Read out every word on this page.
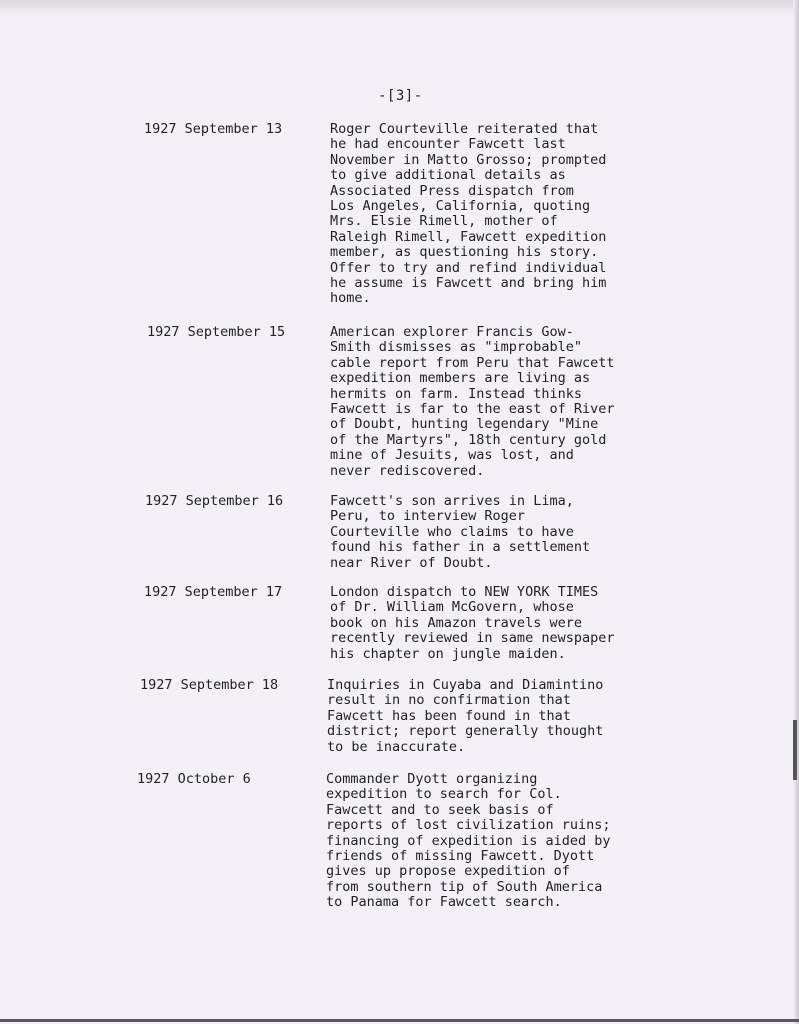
-[3]-
1927 September 13	Roger Courteville reiterated that
he had encounter Fawcett last
November in Matto Grosso; prompted
to give additional details as
Associated Press dispatch from
Los Angeles, California, quoting
Mrs. Elsie Rimell, mother of
Raleigh Rimell, Fawcett expedition
member, as questioning his story.
Offer to try and refind individual
he assume is Fawcett and bring him
home.
1927 September 15	American explorer Francis Gow-
Smith dismisses as "improbable"
cable report from Peru that Fawcett
expedition members are living as
hermits on farm. Instead thinks
Fawcett is far to the east of River
of Doubt, hunting legendary "Mine
of the Martyrs", 18th century gold
mine of Jesuits, was lost, and
never rediscovered.
1927 September 16	Fawcett's son arrives in Lima,
Peru, to interview Roger
Courteville who claims to have
found his father in a settlement
near River of Doubt.
1927 September 17	London dispatch to NEW YORK TIMES
of Dr. William McGovern, whose
book on his Amazon travels were
recently reviewed in same newspaper
his chapter on jungle maiden.
1927 September 18	Inquiries in Cuyaba and Diamintino
result in no confirmation that
Fawcett has been found in that
district; report generally thought
to be inaccurate.
1927 October 6	Commander Dyott organizing
expedition to search for Col.
Fawcett and to seek basis of
reports of lost civilization ruins;
financing of expedition is aided by
friends of missing Fawcett. Dyott
gives up propose expedition of
from southern tip of South America
to Panama for Fawcett search.
